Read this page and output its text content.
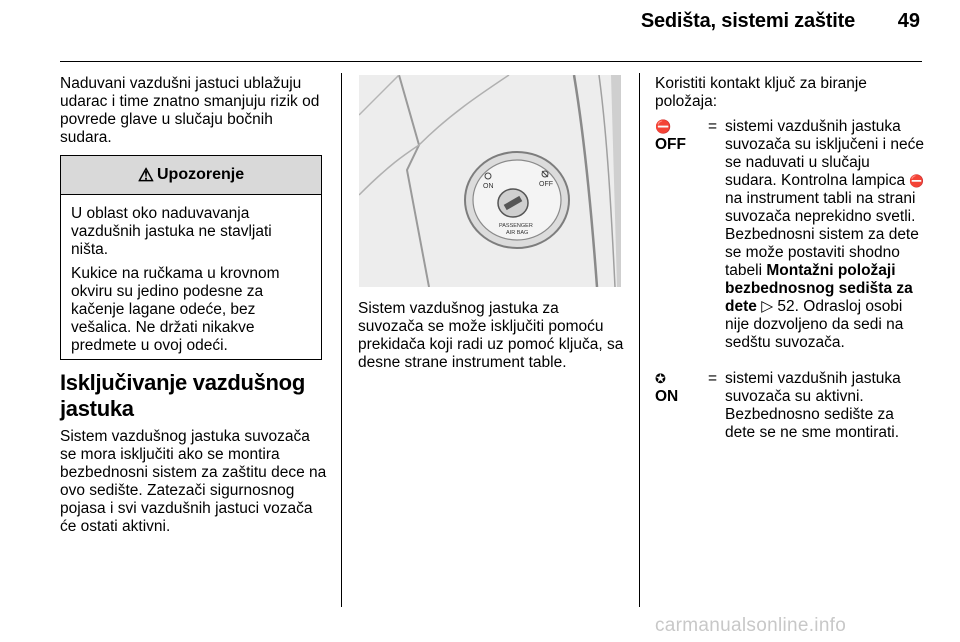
Sedišta, sistemi zaštite 49

Naduvani vazdušni jastuci ublažuju udarac i time znatno smanjuju rizik od povrede glave u slučaju bočnih sudara.

⚠ Upozorenje

U oblast oko naduvavanja vazdušnih jastuka ne stavljati ništa.

Kukice na ručkama u krovnom okviru su jedino podesne za kačenje lagane odeće, bez vešalica. Ne držati nikakve predmete u ovoj odeći.

Isključivanje vazdušnog jastuka

Sistem vazdušnog jastuka suvozača se mora isključiti ako se montira bezbednosni sistem za zaštitu dece na ovo sedište. Zatezači sigurnosnog pojasa i svi vazdušnih jastuci vozača će ostati aktivni.

ON	OFF
PASSENGER
AIR BAG

Sistem vazdušnog jastuka za suvozača se može isključiti pomoću prekidača koji radi uz pomoć ključa, sa desne strane instrument table.

Koristiti kontakt ključ za biranje položaja:

⛔
OFF
= sistemi vazdušnih jastuka suvozača su isključeni i neće se naduvati u slučaju sudara. Kontrolna lampica ⛔ na instrument tabli na strani suvozača neprekidno svetli. Bezbednosni sistem za dete se može postaviti shodno tabeli Montažni položaji bezbednosnog sedišta za dete ▷ 52. Odrasloj osobi nije dozvoljeno da sedi na sedštu suvozača.
✪
ON
= sistemi vazdušnih jastuka suvozača su aktivni. Bezbednosno sedište za dete se ne sme montirati.
carmanualsonline.info
